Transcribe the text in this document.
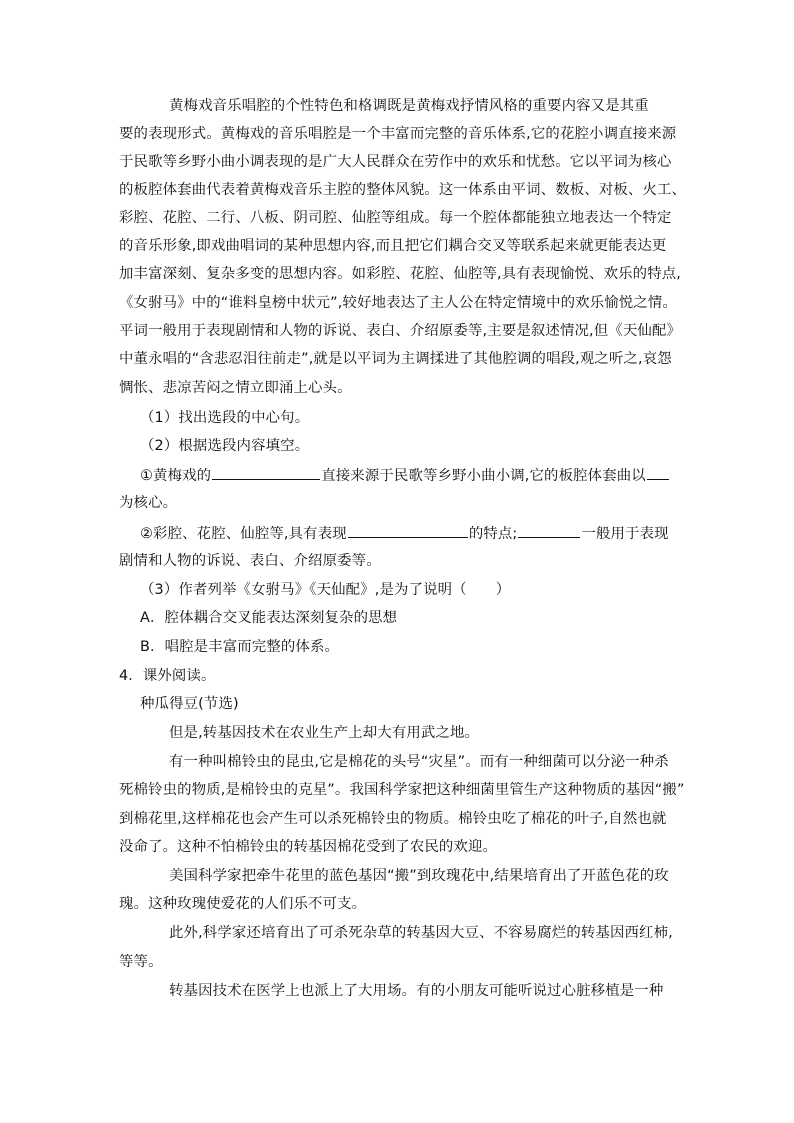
黄梅戏音乐唱腔的个性特色和格调既是黄梅戏抒情风格的重要内容又是其重
要的表现形式。黄梅戏的音乐唱腔是一个丰富而完整的音乐体系,它的花腔小调直接来源
于民歌等乡野小曲小调表现的是广大人民群众在劳作中的欢乐和忧愁。它以平词为核心
的板腔体套曲代表着黄梅戏音乐主腔的整体风貌。这一体系由平词、数板、对板、火工、
彩腔、花腔、二行、八板、阴司腔、仙腔等组成。每一个腔体都能独立地表达一个特定
的音乐形象,即戏曲唱词的某种思想内容,而且把它们耦合交叉等联系起来就更能表达更
加丰富深刻、复杂多变的思想内容。如彩腔、花腔、仙腔等,具有表现愉悦、欢乐的特点,
《女驸马》中的“谁料皇榜中状元”,较好地表达了主人公在特定情境中的欢乐愉悦之情。
平词一般用于表现剧情和人物的诉说、表白、介绍原委等,主要是叙述情况,但《天仙配》
中董永唱的“含悲忍泪往前走”,就是以平词为主调揉进了其他腔调的唱段,观之听之,哀怨
惆怅、悲凉苦闷之情立即涌上心头。
（1）找出选段的中心句。
（2）根据选段内容填空。
①黄梅戏的	直接来源于民歌等乡野小曲小调,它的板腔体套曲以
为核心。
②彩腔、花腔、仙腔等,具有表现	的特点;	一般用于表现
剧情和人物的诉说、表白、介绍原委等。
（3）作者列举《女驸马》《天仙配》,是为了说明（　　）
A．腔体耦合交叉能表达深刻复杂的思想
B．唱腔是丰富而完整的体系。
4．课外阅读。
种瓜得豆(节选)
但是,转基因技术在农业生产上却大有用武之地。
有一种叫棉铃虫的昆虫,它是棉花的头号“灾星”。而有一种细菌可以分泌一种杀
死棉铃虫的物质,是棉铃虫的克星”。我国科学家把这种细菌里管生产这种物质的基因“搬”
到棉花里,这样棉花也会产生可以杀死棉铃虫的物质。棉铃虫吃了棉花的叶子,自然也就
没命了。这种不怕棉铃虫的转基因棉花受到了农民的欢迎。
美国科学家把牵牛花里的蓝色基因“搬”到玫瑰花中,结果培育出了开蓝色花的玫
瑰。这种玫瑰使爱花的人们乐不可支。
此外,科学家还培育出了可杀死杂草的转基因大豆、不容易腐烂的转基因西红柿,
等等。
转基因技术在医学上也派上了大用场。有的小朋友可能听说过心脏移植是一种
